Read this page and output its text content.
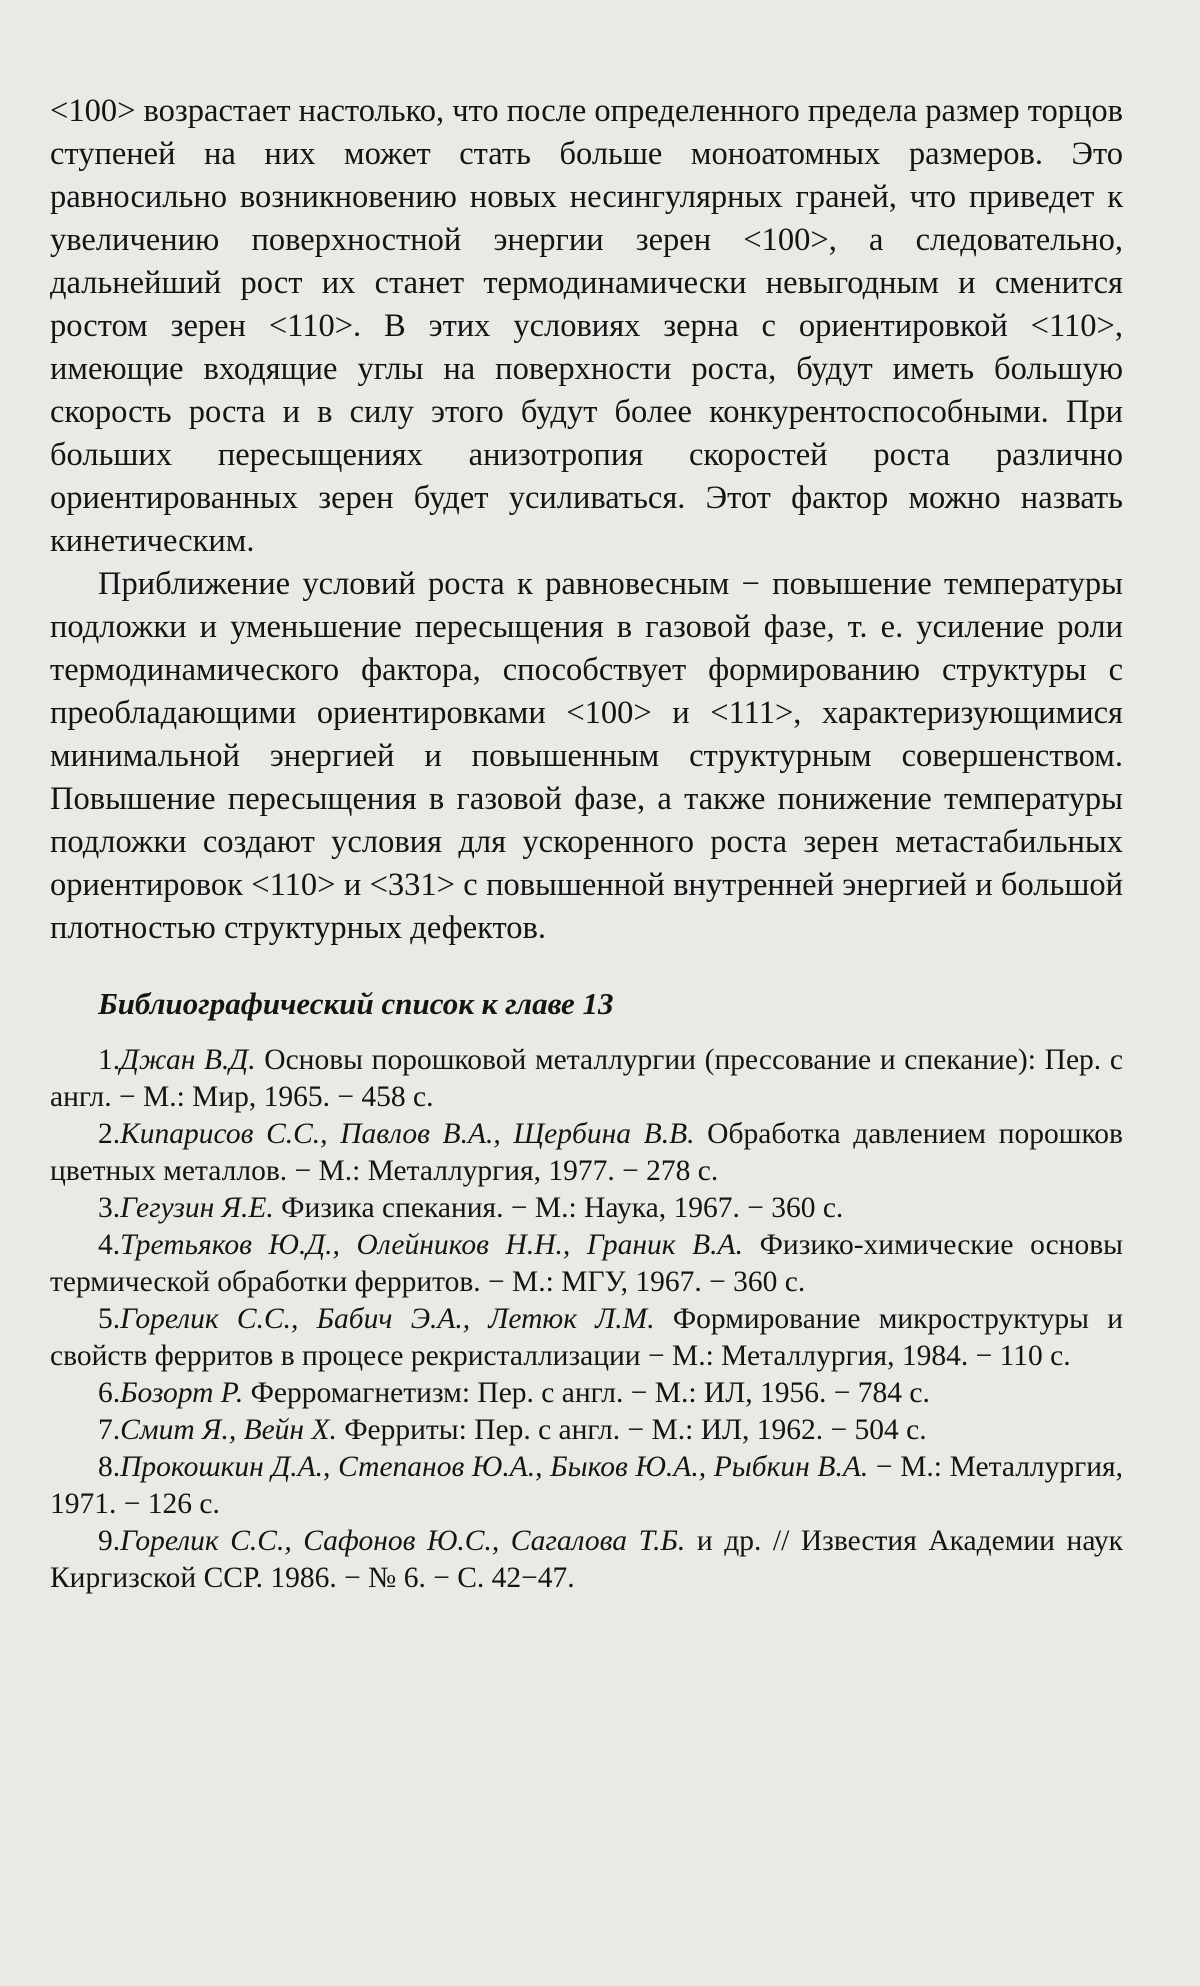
<100> возрастает настолько, что после определенного предела размер торцов ступеней на них может стать больше моноатомных размеров. Это равносильно возникновению новых несингулярных граней, что приведет к увеличению поверхностной энергии зерен <100>, а следовательно, дальнейший рост их станет термодинамически невыгодным и сменится ростом зерен <110>. В этих условиях зерна с ориентировкой <110>, имеющие входящие углы на поверхности роста, будут иметь большую скорость роста и в силу этого будут более конкурентоспособными. При больших пересыщениях анизотропия скоростей роста различно ориентированных зерен будет усиливаться. Этот фактор можно назвать кинетическим.

Приближение условий роста к равновесным − повышение температуры подложки и уменьшение пересыщения в газовой фазе, т. е. усиление роли термодинамического фактора, способствует формированию структуры с преобладающими ориентировками <100> и <111>, характеризующимися минимальной энергией и повышенным структурным совершенством. Повышение пересыщения в газовой фазе, а также понижение температуры подложки создают условия для ускоренного роста зерен метастабильных ориентировок <110> и <331> с повышенной внутренней энергией и большой плотностью структурных дефектов.

Библиографический список к главе 13
1.Джан В.Д. Основы порошковой металлургии (прессование и спекание): Пер. с англ. − М.: Мир, 1965. − 458 с.
2.Кипарисов С.С., Павлов В.А., Щербина В.В. Обработка давлением порошков цветных металлов. − М.: Металлургия, 1977. − 278 с.
3.Гегузин Я.Е. Физика спекания. − М.: Наука, 1967. − 360 с.
4.Третьяков Ю.Д., Олейников Н.Н., Граник В.А. Физико-химические основы термической обработки ферритов. − М.: МГУ, 1967. − 360 с.
5.Горелик С.С., Бабич Э.А., Летюк Л.М. Формирование микроструктуры и свойств ферритов в процесе рекристаллизации − М.: Металлургия, 1984. − 110 с.
6.Бозорт Р. Ферромагнетизм: Пер. с англ. − М.: ИЛ, 1956. − 784 с.
7.Смит Я., Вейн Х. Ферриты: Пер. с англ. − М.: ИЛ, 1962. − 504 с.
8.Прокошкин Д.А., Степанов Ю.А., Быков Ю.А., Рыбкин В.А. − М.: Металлургия, 1971. − 126 с.
9.Горелик С.С., Сафонов Ю.С., Сагалова Т.Б. и др. // Известия Академии наук Киргизской ССР. 1986. − № 6. − С. 42−47.
